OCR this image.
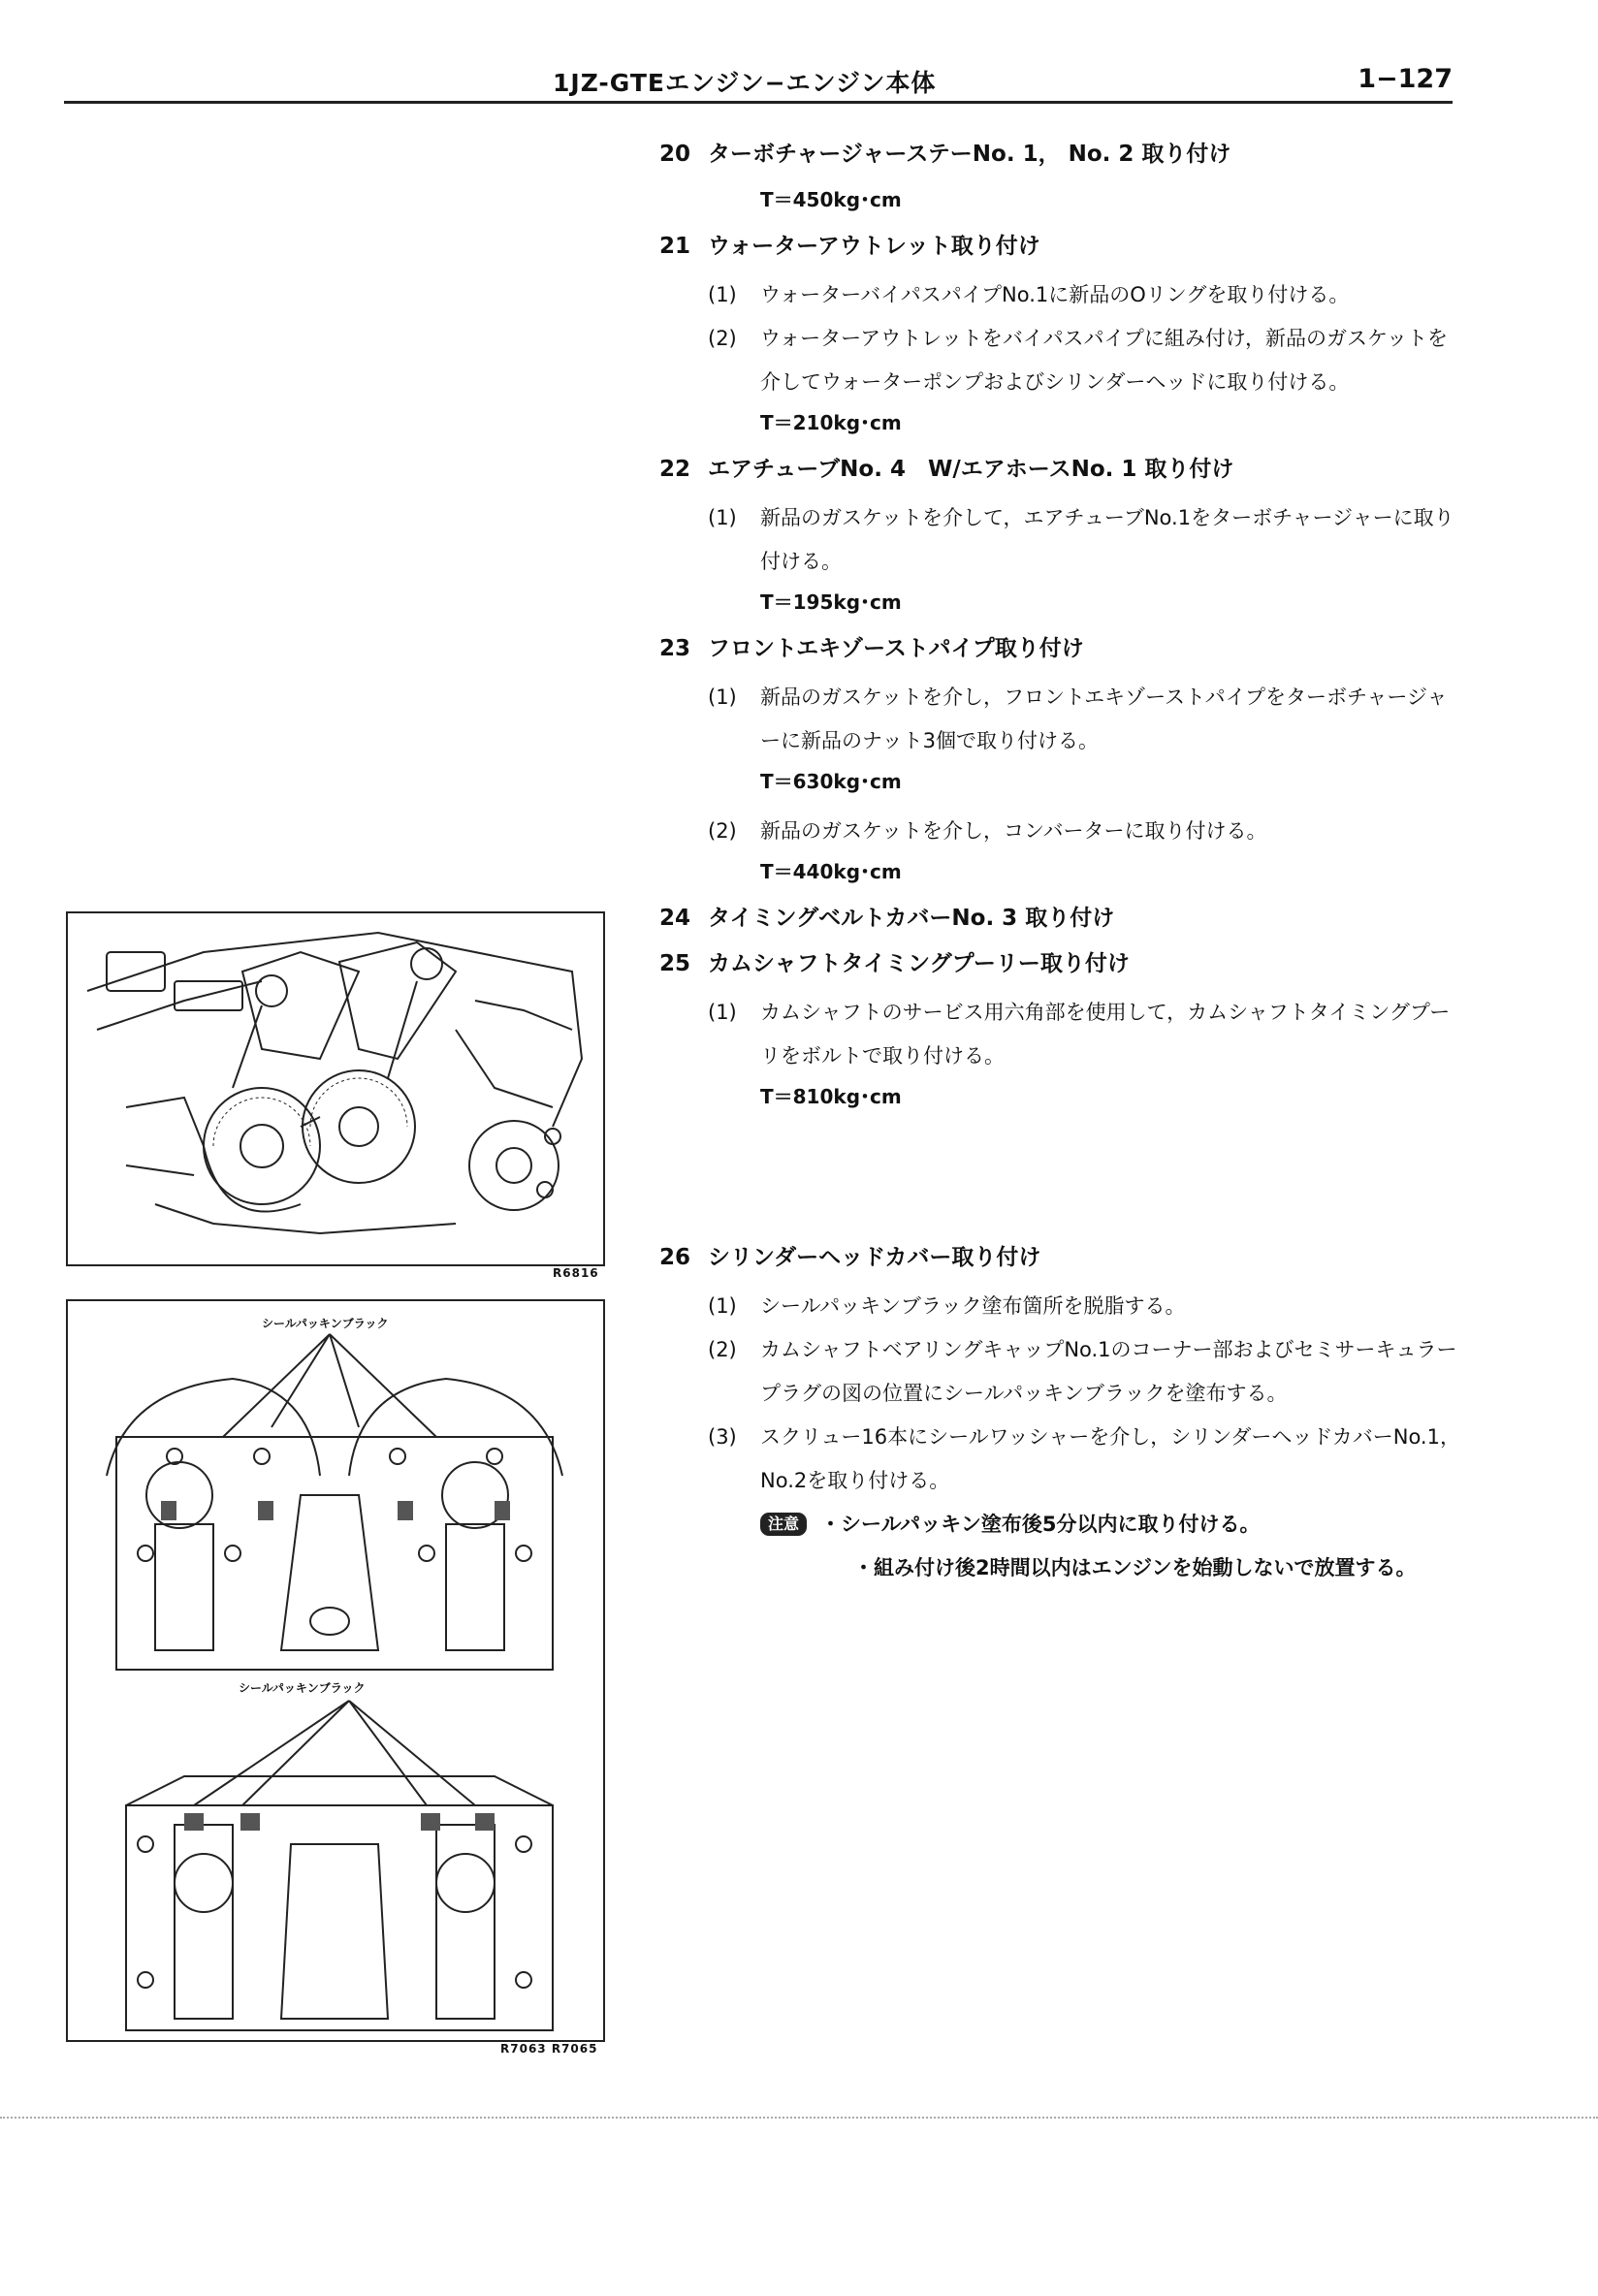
1JZ-GTEエンジン−エンジン本体	1−127
R6816
シールパッキンブラック
シールパッキンブラック
R7063 R7065
20 ターボチャージャーステーNo. 1， No. 2 取り付け
T＝450kg･cm
21 ウォーターアウトレット取り付け
(1)	ウォーターバイパスパイプNo.1に新品のOリングを取り付ける。
(2)	ウォーターアウトレットをバイパスパイプに組み付け，新品のガスケットを介してウォーターポンプおよびシリンダーヘッドに取り付ける。
T＝210kg･cm
22 エアチューブNo. 4　W/エアホースNo. 1 取り付け
(1)	新品のガスケットを介して，エアチューブNo.1をターボチャージャーに取り付ける。
T＝195kg･cm
23 フロントエキゾーストパイプ取り付け
(1)	新品のガスケットを介し，フロントエキゾーストパイプをターボチャージャーに新品のナット3個で取り付ける。
T＝630kg･cm
(2)	新品のガスケットを介し，コンバーターに取り付ける。
T＝440kg･cm
24 タイミングベルトカバーNo. 3 取り付け
25 カムシャフトタイミングプーリー取り付け
(1)	カムシャフトのサービス用六角部を使用して，カムシャフトタイミングプーリをボルトで取り付ける。
T＝810kg･cm
26 シリンダーヘッドカバー取り付け
(1)	シールパッキンブラック塗布箇所を脱脂する。
(2)	カムシャフトベアリングキャップNo.1のコーナー部およびセミサーキュラープラグの図の位置にシールパッキンブラックを塗布する。
(3)	スクリュー16本にシールワッシャーを介し，シリンダーヘッドカバーNo.1，No.2を取り付ける。
注意	・シールパッキン塗布後5分以内に取り付ける。
・組み付け後2時間以内はエンジンを始動しないで放置する。
